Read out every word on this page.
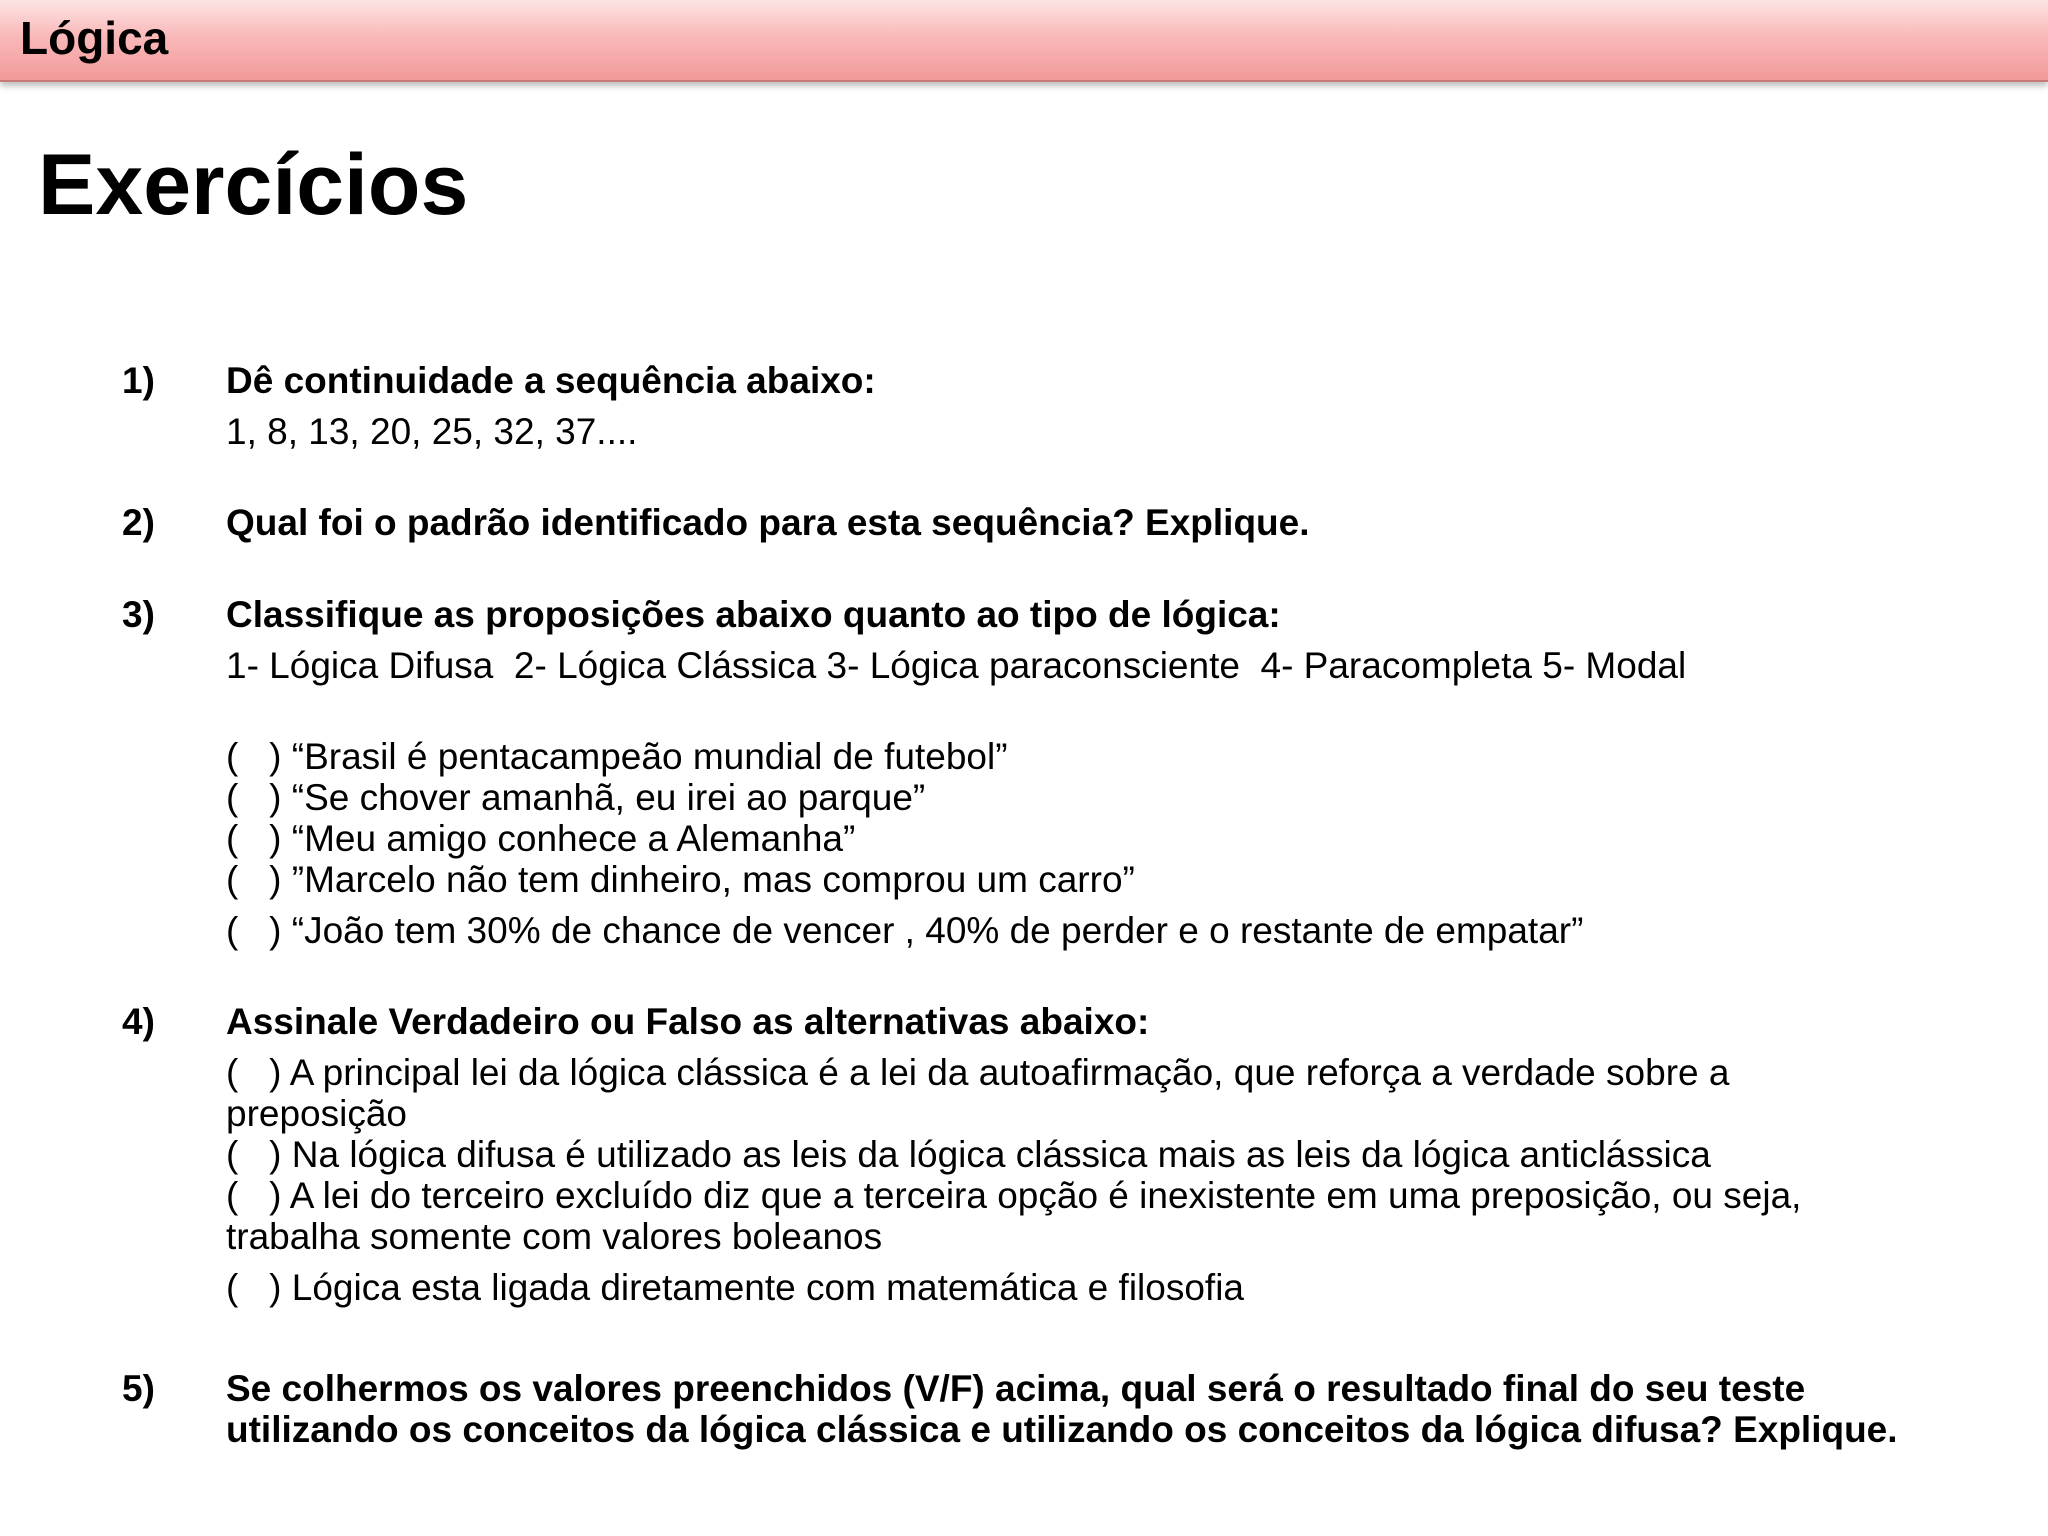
Lógica
Exercícios
1)	Dê continuidade a sequência abaixo:
1, 8, 13, 20, 25, 32, 37....
2)	Qual foi o padrão identificado para esta sequência? Explique.
3)	Classifique as proposições abaixo quanto ao tipo de lógica:
1- Lógica Difusa  2- Lógica Clássica 3- Lógica paraconsciente  4- Paracompleta 5- Modal
(   ) “Brasil é pentacampeão mundial de futebol”
(   ) “Se chover amanhã, eu irei ao parque”
(   ) “Meu amigo conhece a Alemanha”
(   ) ”Marcelo não tem dinheiro, mas comprou um carro”
(   ) “João tem 30% de chance de vencer , 40% de perder e o restante de empatar”
4)	Assinale Verdadeiro ou Falso as alternativas abaixo:
(   ) A principal lei da lógica clássica é a lei da autoafirmação, que reforça a verdade sobre a preposição
(   ) Na lógica difusa é utilizado as leis da lógica clássica mais as leis da lógica anticlássica
(   ) A lei do terceiro excluído diz que a terceira opção é inexistente em uma preposição, ou seja, trabalha somente com valores boleanos
(   ) Lógica esta ligada diretamente com matemática e filosofia
5)	Se colhermos os valores preenchidos (V/F) acima, qual será o resultado final do seu teste utilizando os conceitos da lógica clássica e utilizando os conceitos da lógica difusa? Explique.
